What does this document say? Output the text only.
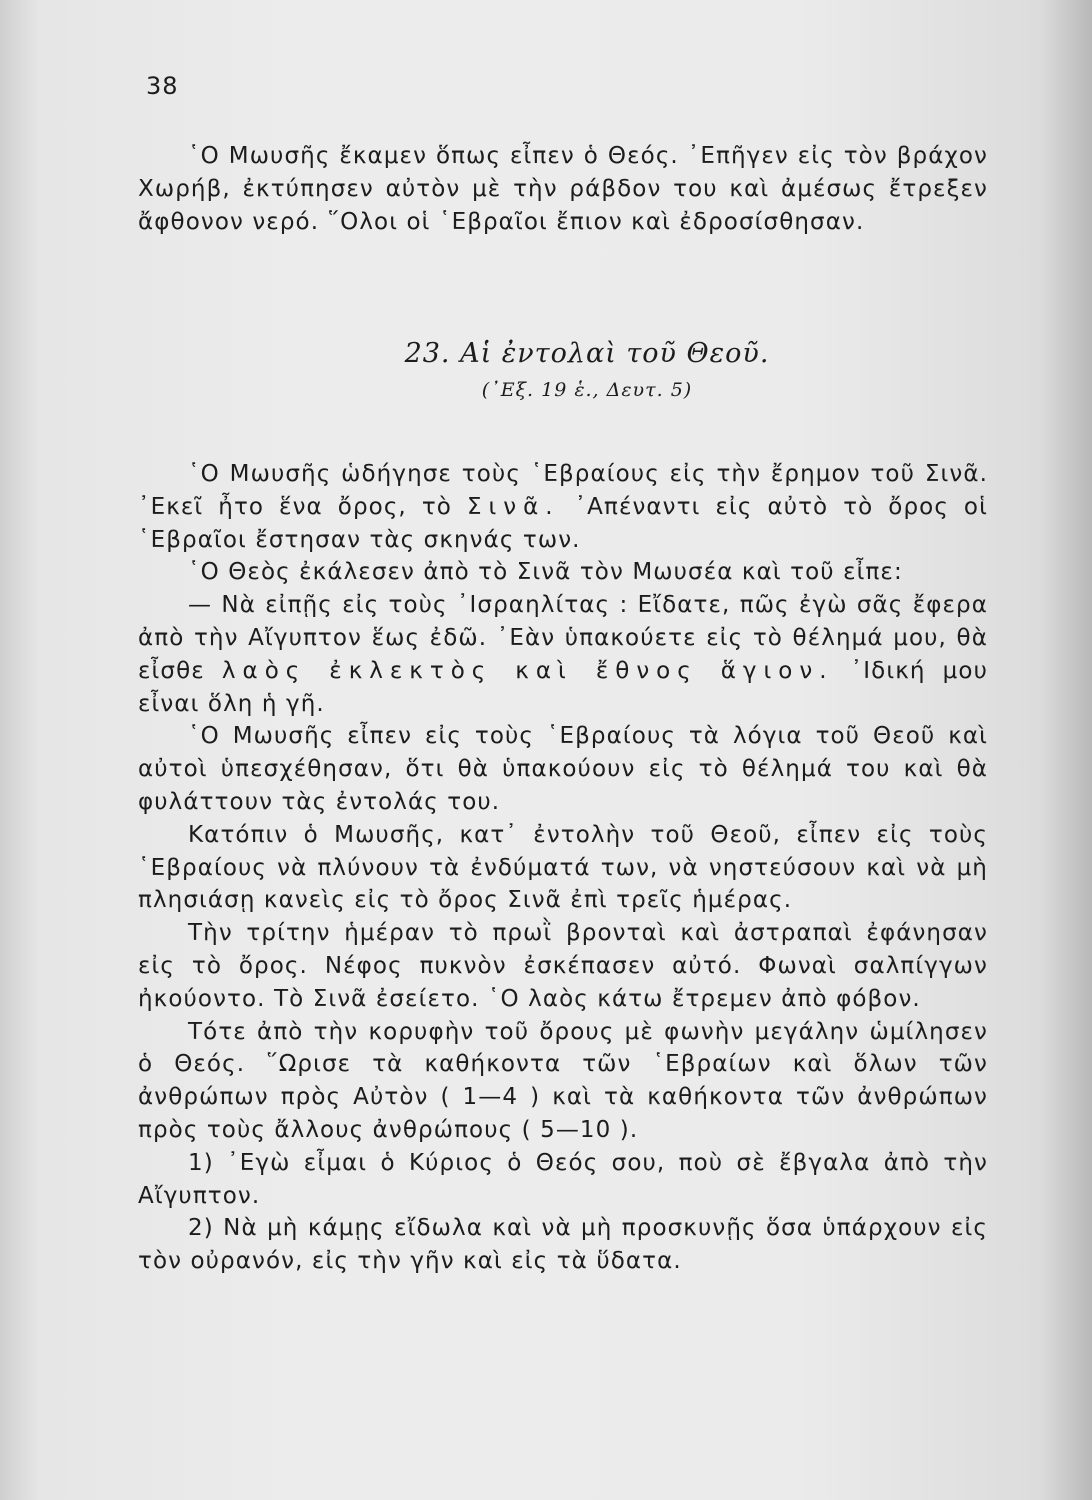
38

῾Ο Μωυσῆς ἔκαμεν ὅπως εἶπεν ὁ Θεός. ᾿Επῆγεν εἰς τὸν βράχον Χωρήβ, ἐκτύπησεν αὐτὸν μὲ τὴν ράβδον του καὶ ἀμέσως ἔτρεξεν ἄφθονον νερό. ῞Ολοι οἱ ῾Εβραῖοι ἔπιον καὶ ἐδροσίσθησαν.

23. Αἱ ἐντολαὶ τοῦ Θεοῦ.
(᾿Εξ. 19 ἑ., Δευτ. 5)

῾Ο Μωυσῆς ὡδήγησε τοὺς ῾Εβραίους εἰς τὴν ἔρημον τοῦ Σινᾶ. ᾿Εκεῖ ἦτο ἕνα ὄρος, τὸ Σινᾶ. ᾿Απέναντι εἰς αὐτὸ τὸ ὄρος οἱ ῾Εβραῖοι ἔστησαν τὰς σκηνάς των.

῾Ο Θεὸς ἐκάλεσεν ἀπὸ τὸ Σινᾶ τὸν Μωυσέα καὶ τοῦ εἶπε:

— Νὰ εἰπῇς εἰς τοὺς ᾿Ισραηλίτας : Εἴδατε, πῶς ἐγὼ σᾶς ἔφερα ἀπὸ τὴν Αἴγυπτον ἕως ἐδῶ. ᾿Εὰν ὑπακούετε εἰς τὸ θέλημά μου, θὰ εἶσθε λαὸς ἐκλεκτὸς καὶ ἔθνος ἅγιον. ᾿Ιδική μου εἶναι ὅλη ἡ γῆ.

῾Ο Μωυσῆς εἶπεν εἰς τοὺς ῾Εβραίους τὰ λόγια τοῦ Θεοῦ καὶ αὐτοὶ ὑπεσχέθησαν, ὅτι θὰ ὑπακούουν εἰς τὸ θέλημά του καὶ θὰ φυλάττουν τὰς ἐντολάς του.

Κατόπιν ὁ Μωυσῆς, κατ᾿ ἐντολὴν τοῦ Θεοῦ, εἶπεν εἰς τοὺς ῾Εβραίους νὰ πλύνουν τὰ ἐνδύματά των, νὰ νηστεύσουν καὶ νὰ μὴ πλησιάσῃ κανεὶς εἰς τὸ ὄρος Σινᾶ ἐπὶ τρεῖς ἡμέρας.

Τὴν τρίτην ἡμέραν τὸ πρωῒ βρονταὶ καὶ ἀστραπαὶ ἐφάνησαν εἰς τὸ ὄρος. Νέφος πυκνὸν ἐσκέπασεν αὐτό. Φωναὶ σαλπίγγων ἠκούοντο. Τὸ Σινᾶ ἐσείετο. ῾Ο λαὸς κάτω ἔτρεμεν ἀπὸ φόβον.

Τότε ἀπὸ τὴν κορυφὴν τοῦ ὄρους μὲ φωνὴν μεγάλην ὡμίλησεν ὁ Θεός. ῞Ωρισε τὰ καθήκοντα τῶν ῾Εβραίων καὶ ὅλων τῶν ἀνθρώπων πρὸς Αὐτὸν ( 1—4 ) καὶ τὰ καθήκοντα τῶν ἀνθρώπων πρὸς τοὺς ἄλλους ἀνθρώπους ( 5—10 ).

1) ᾿Εγὼ εἶμαι ὁ Κύριος ὁ Θεός σου, ποὺ σὲ ἔβγαλα ἀπὸ τὴν Αἴγυπτον.

2) Νὰ μὴ κάμῃς εἴδωλα καὶ νὰ μὴ προσκυνῇς ὅσα ὑπάρχουν εἰς τὸν οὐρανόν, εἰς τὴν γῆν καὶ εἰς τὰ ὕδατα.
